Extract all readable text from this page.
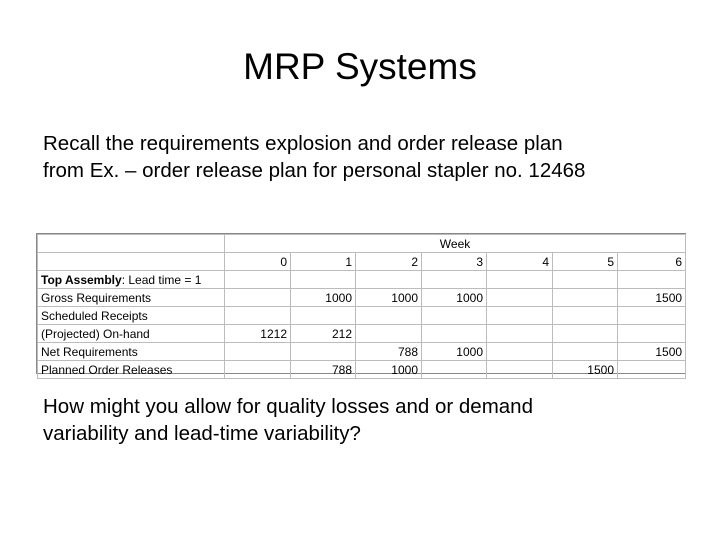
MRP Systems
Recall the requirements explosion and order release plan
from Ex. – order release plan for personal stapler no. 12468
	Week						
	0	1	2	3	4	5	6
Top Assembly: Lead time = 1							
Gross Requirements		1000	1000	1000			1500
Scheduled Receipts							
(Projected) On-hand	1212	212					
Net Requirements			788	1000			1500
Planned Order Releases		788	1000			1500	
How might you allow for quality losses and or demand
variability and lead-time variability?
